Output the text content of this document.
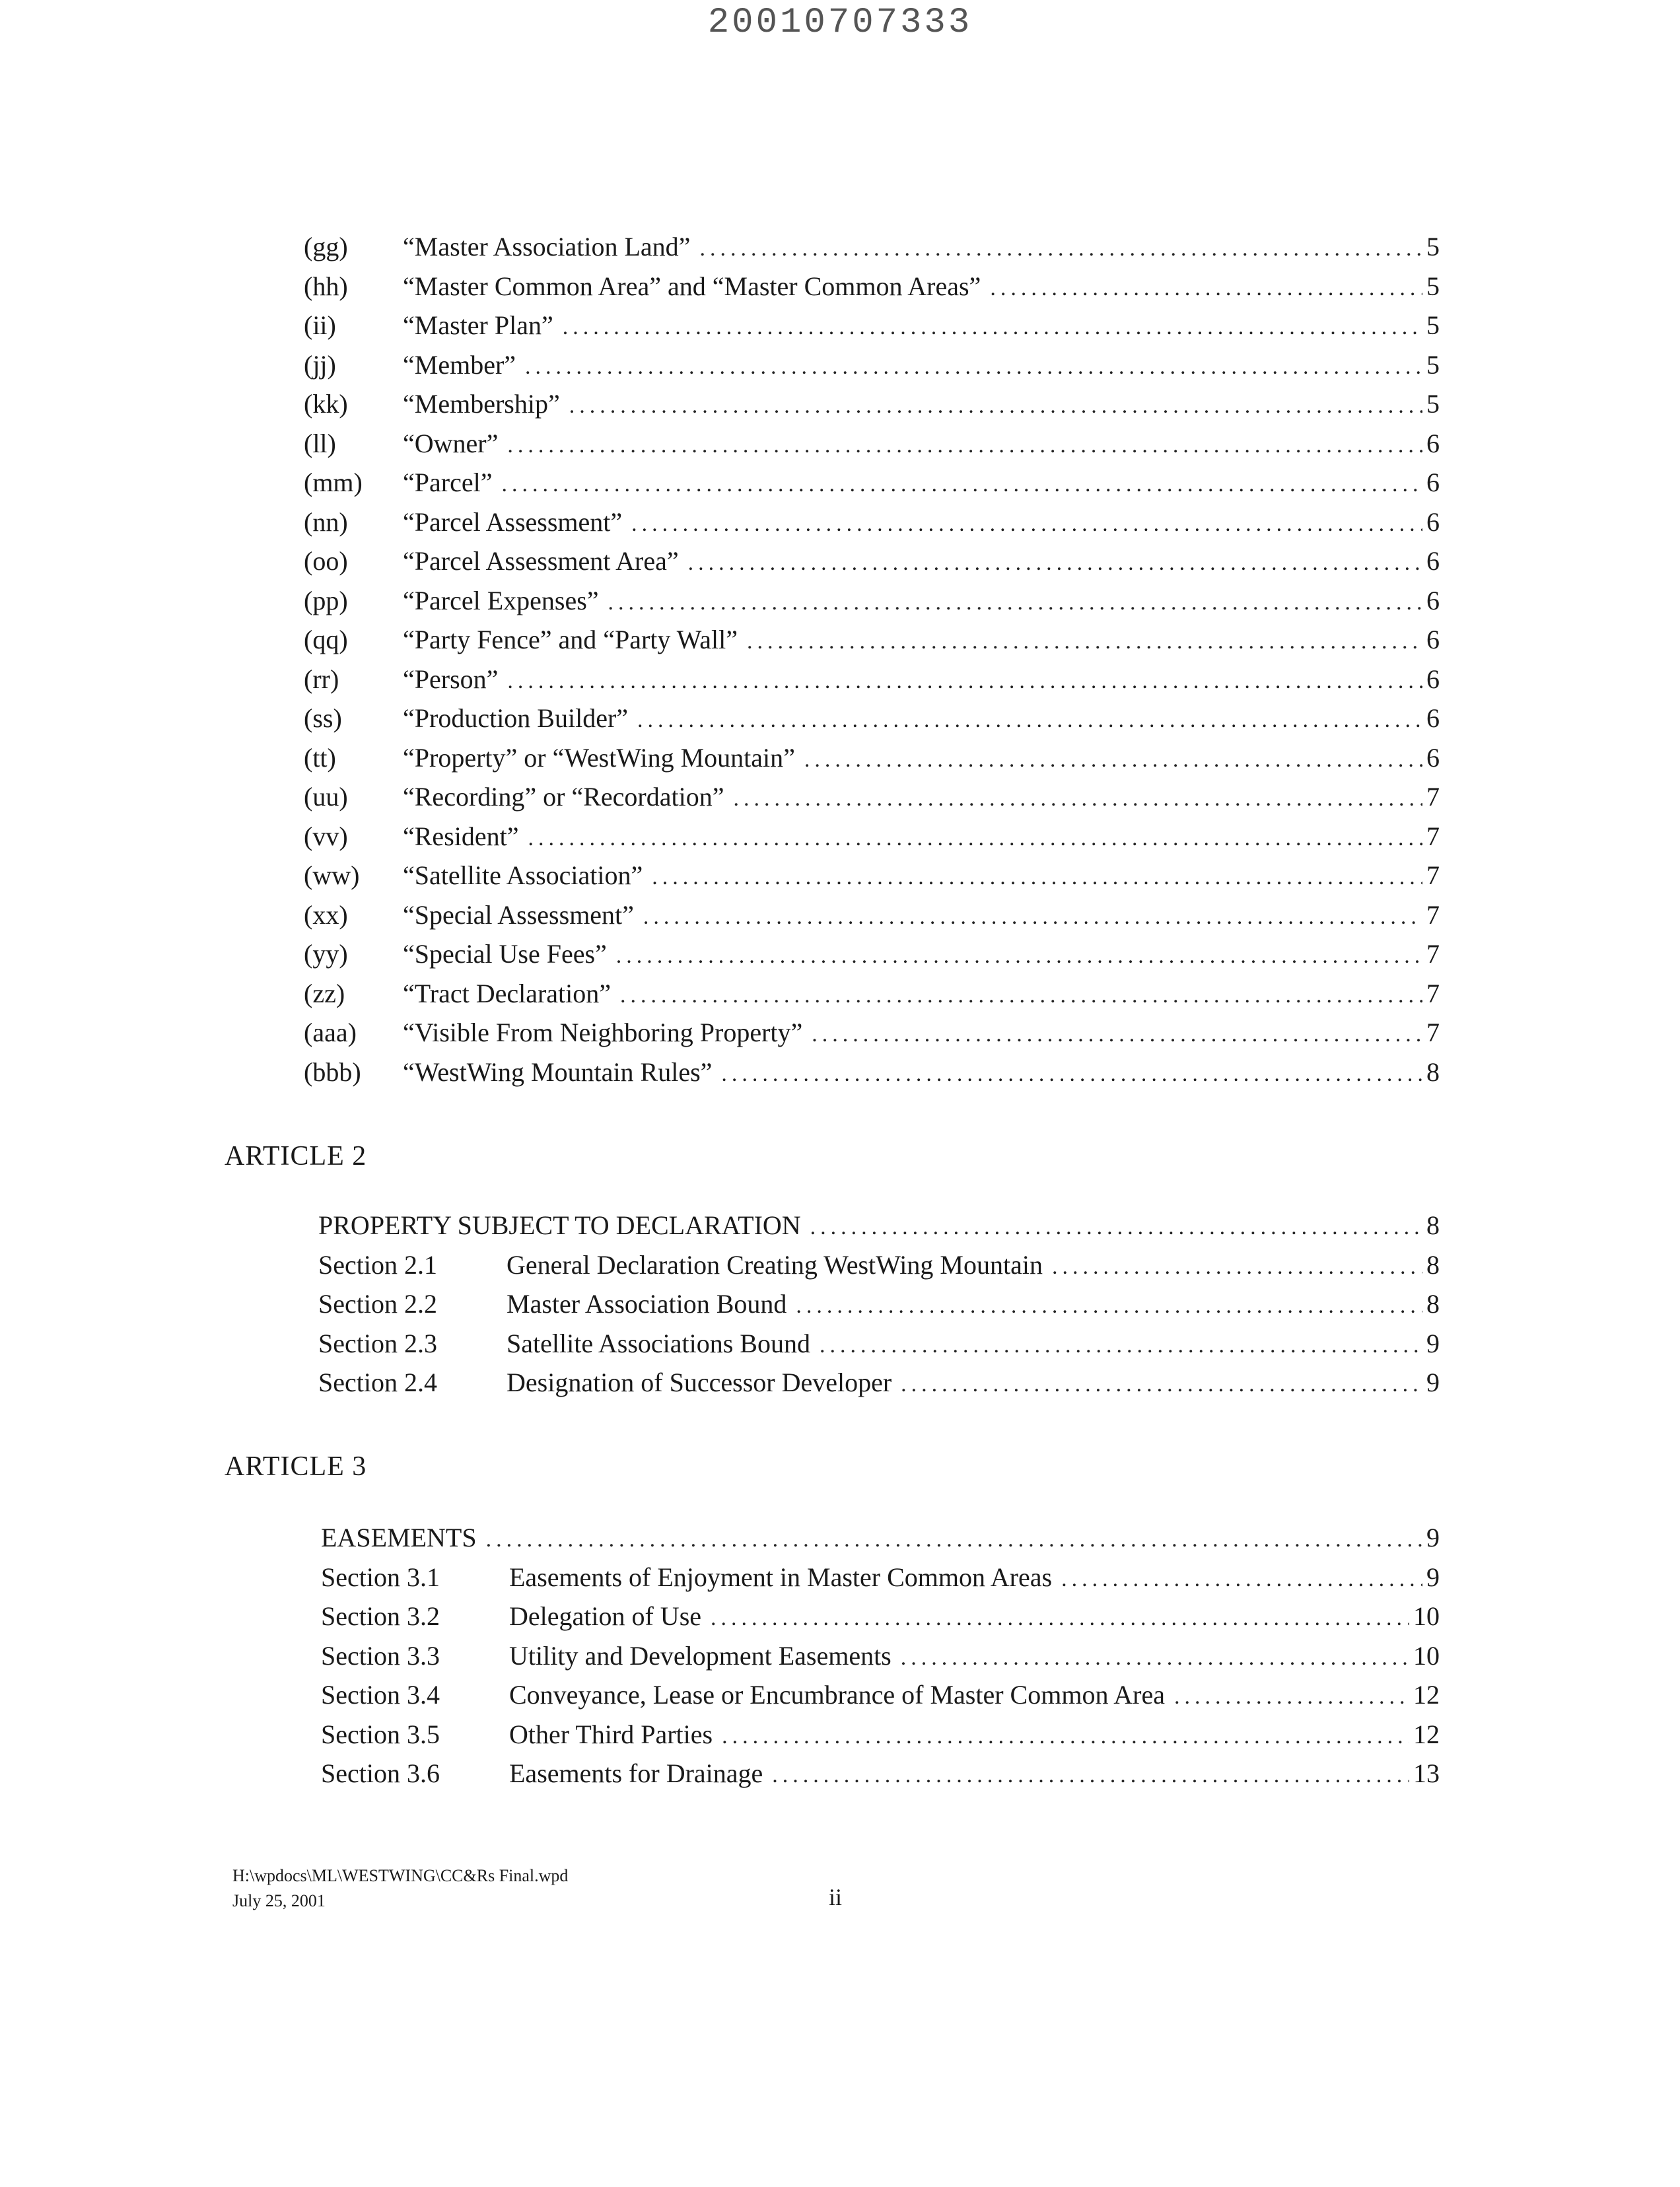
20010707333
(gg)	“Master Association Land” .....	5
(hh)	“Master Common Area” and “Master Common Areas” .....	5
(ii)	“Master Plan” .....	5
(jj)	“Member” .....	5
(kk)	“Membership” .....	5
(ll)	“Owner” .....	6
(mm)	“Parcel” .....	6
(nn)	“Parcel Assessment” .....	6
(oo)	“Parcel Assessment Area” .....	6
(pp)	“Parcel Expenses” .....	6
(qq)	“Party Fence” and “Party Wall” .....	6
(rr)	“Person” .....	6
(ss)	“Production Builder” .....	6
(tt)	“Property” or “WestWing Mountain” .....	6
(uu)	“Recording” or “Recordation” .....	7
(vv)	“Resident” .....	7
(ww)	“Satellite Association” .....	7
(xx)	“Special Assessment” .....	7
(yy)	“Special Use Fees” .....	7
(zz)	“Tract Declaration” .....	7
(aaa)	“Visible From Neighboring Property” .....	7
(bbb)	“WestWing Mountain Rules” .....	8
ARTICLE 2
PROPERTY SUBJECT TO DECLARATION .....	8
Section 2.1	General Declaration Creating WestWing Mountain .....	8
Section 2.2	Master Association Bound .....	8
Section 2.3	Satellite Associations Bound .....	9
Section 2.4	Designation of Successor Developer .....	9
ARTICLE 3
EASEMENTS .....	9
Section 3.1	Easements of Enjoyment in Master Common Areas .....	9
Section 3.2	Delegation of Use .....	10
Section 3.3	Utility and Development Easements .....	10
Section 3.4	Conveyance, Lease or Encumbrance of Master Common Area .....	12
Section 3.5	Other Third Parties .....	12
Section 3.6	Easements for Drainage .....	13
H:\wpdocs\ML\WESTWING\CC&Rs Final.wpd
July 25, 2001	ii
